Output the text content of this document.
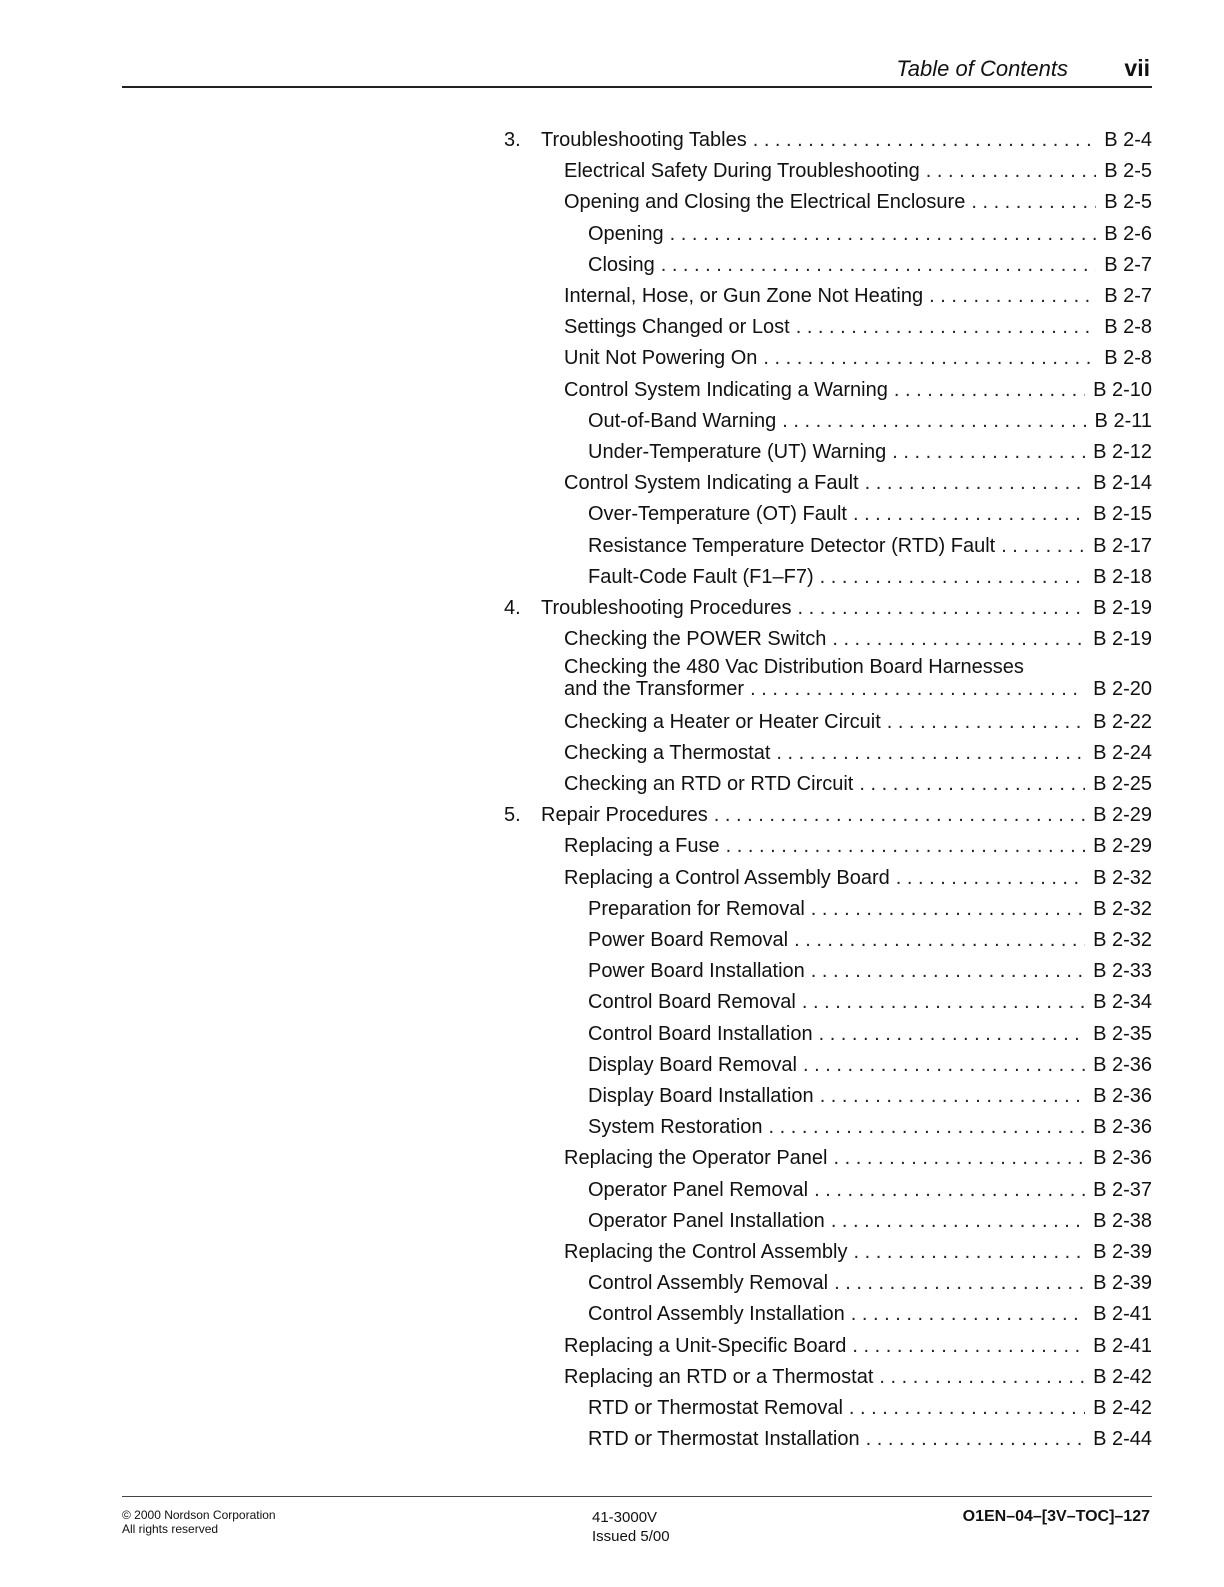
Table of Contents vii
3. Troubleshooting Tables . . .	B 2-4
Electrical Safety During Troubleshooting . . .	B 2-5
Opening and Closing the Electrical Enclosure . . .	B 2-5
Opening . . .	B 2-6
Closing . . .	B 2-7
Internal, Hose, or Gun Zone Not Heating . . .	B 2-7
Settings Changed or Lost . . .	B 2-8
Unit Not Powering On . . .	B 2-8
Control System Indicating a Warning . . .	B 2-10
Out-of-Band Warning . . .	B 2-11
Under-Temperature (UT) Warning . . .	B 2-12
Control System Indicating a Fault . . .	B 2-14
Over-Temperature (OT) Fault . . .	B 2-15
Resistance Temperature Detector (RTD) Fault . . .	B 2-17
Fault-Code Fault (F1–F7) . . .	B 2-18
4. Troubleshooting Procedures . . .	B 2-19
Checking the POWER Switch . . .	B 2-19
Checking the 480 Vac Distribution Board Harnesses
and the Transformer . . .	B 2-20
Checking a Heater or Heater Circuit . . .	B 2-22
Checking a Thermostat . . .	B 2-24
Checking an RTD or RTD Circuit . . .	B 2-25
5. Repair Procedures . . .	B 2-29
Replacing a Fuse . . .	B 2-29
Replacing a Control Assembly Board . . .	B 2-32
Preparation for Removal . . .	B 2-32
Power Board Removal . . .	B 2-32
Power Board Installation . . .	B 2-33
Control Board Removal . . .	B 2-34
Control Board Installation . . .	B 2-35
Display Board Removal . . .	B 2-36
Display Board Installation . . .	B 2-36
System Restoration . . .	B 2-36
Replacing the Operator Panel . . .	B 2-36
Operator Panel Removal . . .	B 2-37
Operator Panel Installation . . .	B 2-38
Replacing the Control Assembly . . .	B 2-39
Control Assembly Removal . . .	B 2-39
Control Assembly Installation . . .	B 2-41
Replacing a Unit-Specific Board . . .	B 2-41
Replacing an RTD or a Thermostat . . .	B 2-42
RTD or Thermostat Removal . . .	B 2-42
RTD or Thermostat Installation . . .	B 2-44
© 2000 Nordson Corporation
All rights reserved
41-3000V
Issued 5/00
O1EN–04–[3V–TOC]–127
